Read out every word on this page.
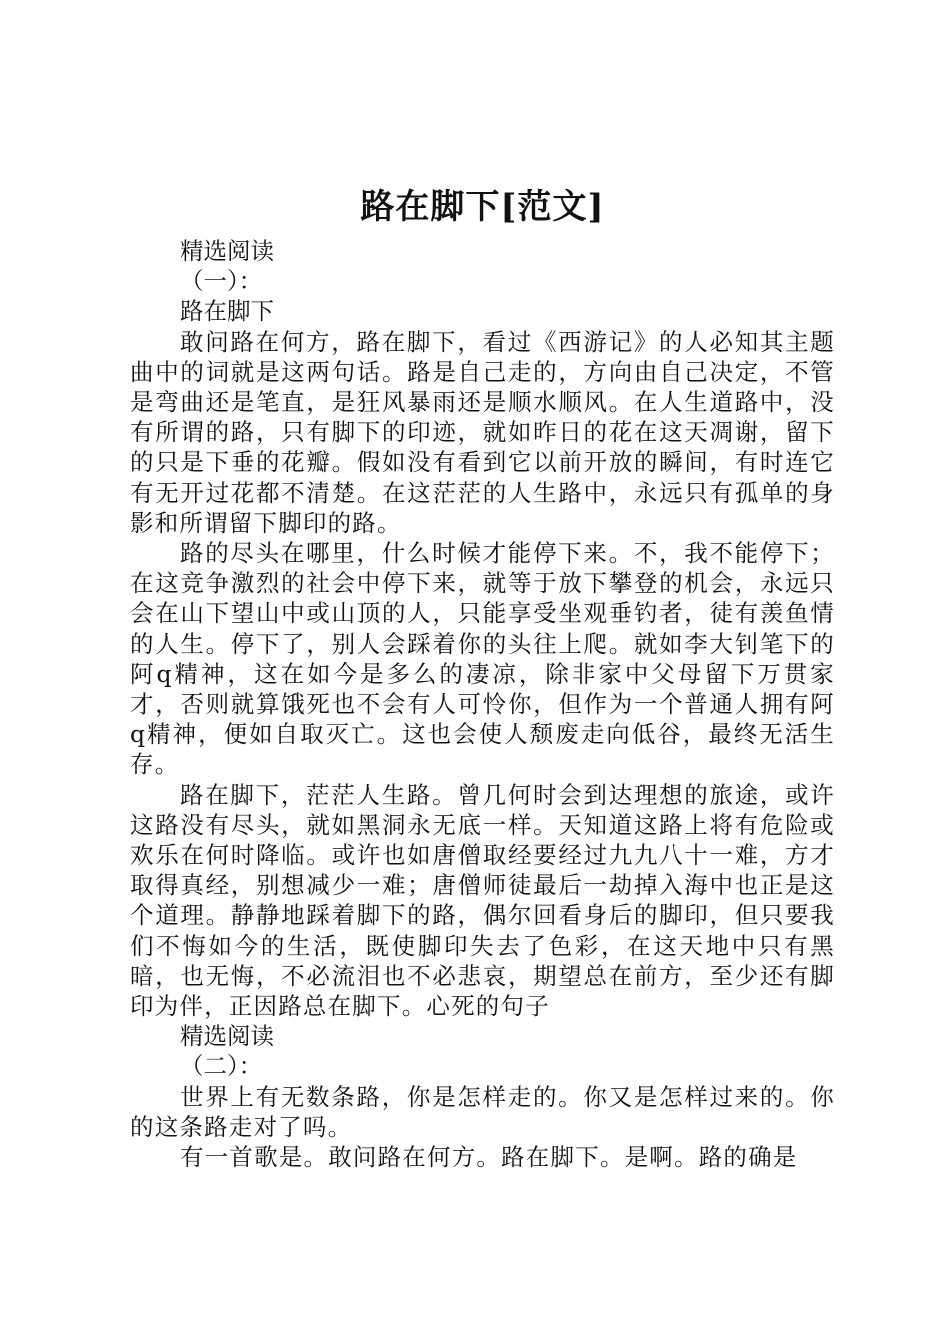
路在脚下[范文]

精选阅读

（一）：

路在脚下

敢问路在何方，路在脚下，看过《西游记》的人必知其主题曲中的词就是这两句话。路是自己走的，方向由自己决定，不管是弯曲还是笔直，是狂风暴雨还是顺水顺风。在人生道路中，没有所谓的路，只有脚下的印迹，就如昨日的花在这天凋谢，留下的只是下垂的花瓣。假如没有看到它以前开放的瞬间，有时连它有无开过花都不清楚。在这茫茫的人生路中，永远只有孤单的身影和所谓留下脚印的路。

路的尽头在哪里，什么时候才能停下来。不，我不能停下；在这竞争激烈的社会中停下来，就等于放下攀登的机会，永远只会在山下望山中或山顶的人，只能享受坐观垂钓者，徒有羡鱼情的人生。停下了，别人会踩着你的头往上爬。就如李大钊笔下的阿q精神，这在如今是多么的凄凉，除非家中父母留下万贯家才，否则就算饿死也不会有人可怜你，但作为一个普通人拥有阿q精神，便如自取灭亡。这也会使人颓废走向低谷，最终无活生存。

路在脚下，茫茫人生路。曾几何时会到达理想的旅途，或许这路没有尽头，就如黑洞永无底一样。天知道这路上将有危险或欢乐在何时降临。或许也如唐僧取经要经过九九八十一难，方才取得真经，别想减少一难；唐僧师徒最后一劫掉入海中也正是这个道理。静静地踩着脚下的路，偶尔回看身后的脚印，但只要我们不悔如今的生活，既使脚印失去了色彩，在这天地中只有黑暗，也无悔，不必流泪也不必悲哀，期望总在前方，至少还有脚印为伴，正因路总在脚下。心死的句子

精选阅读

（二）：

世界上有无数条路，你是怎样走的。你又是怎样过来的。你的这条路走对了吗。

有一首歌是。敢问路在何方。路在脚下。是啊。路的确是
